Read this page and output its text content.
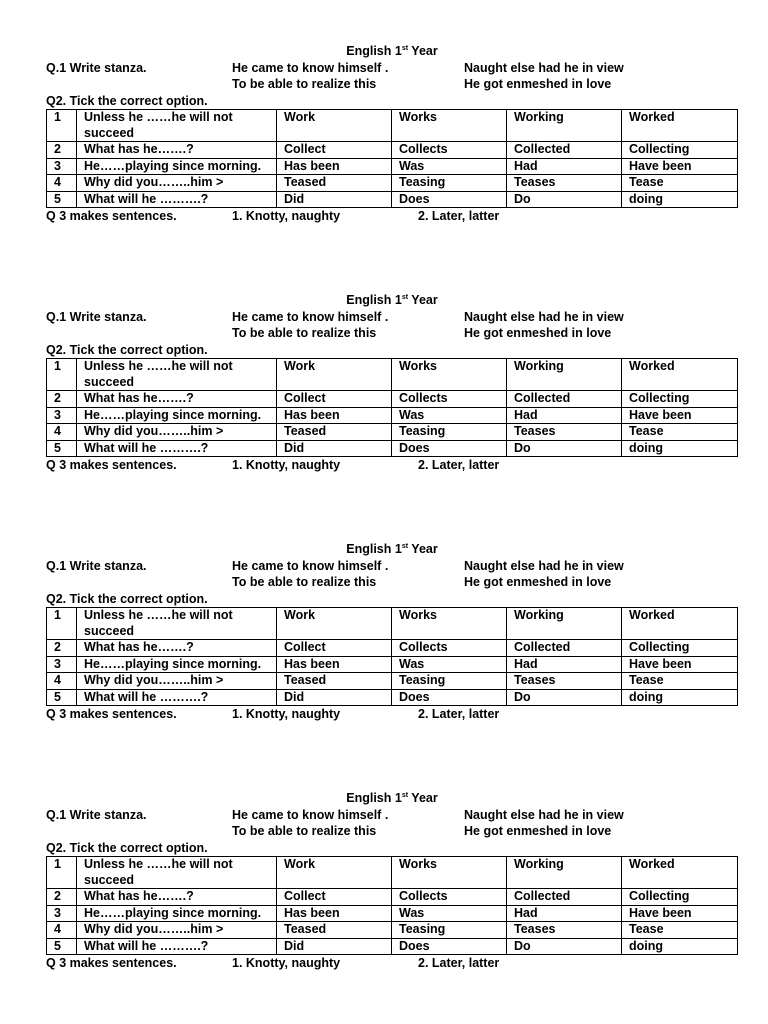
English 1st Year
Q.1 Write stanza.	He came to know himself .	Naught else had he in view
To be able to realize this	He got enmeshed in love
Q2. Tick the correct option.
1	Unless he ……he will not succeed	Work	Works	Working	Worked
2	What has he…….?	Collect	Collects	Collected	Collecting
3	He……playing since morning.	Has been	Was	Had	Have been
4	Why did you……..him >	Teased	Teasing	Teases	Tease
5	What will he ……….?	Did	Does	Do	doing
Q 3 makes sentences.	1. Knotty, naughty	2. Later, latter
English 1st Year
Q.1 Write stanza.	He came to know himself .	Naught else had he in view
To be able to realize this	He got enmeshed in love
Q2. Tick the correct option.
1	Unless he ……he will not succeed	Work	Works	Working	Worked
2	What has he…….?	Collect	Collects	Collected	Collecting
3	He……playing since morning.	Has been	Was	Had	Have been
4	Why did you……..him >	Teased	Teasing	Teases	Tease
5	What will he ……….?	Did	Does	Do	doing
Q 3 makes sentences.	1. Knotty, naughty	2. Later, latter
English 1st Year
Q.1 Write stanza.	He came to know himself .	Naught else had he in view
To be able to realize this	He got enmeshed in love
Q2. Tick the correct option.
1	Unless he ……he will not succeed	Work	Works	Working	Worked
2	What has he…….?	Collect	Collects	Collected	Collecting
3	He……playing since morning.	Has been	Was	Had	Have been
4	Why did you……..him >	Teased	Teasing	Teases	Tease
5	What will he ……….?	Did	Does	Do	doing
Q 3 makes sentences.	1. Knotty, naughty	2. Later, latter
English 1st Year
Q.1 Write stanza.	He came to know himself .	Naught else had he in view
To be able to realize this	He got enmeshed in love
Q2. Tick the correct option.
1	Unless he ……he will not succeed	Work	Works	Working	Worked
2	What has he…….?	Collect	Collects	Collected	Collecting
3	He……playing since morning.	Has been	Was	Had	Have been
4	Why did you……..him >	Teased	Teasing	Teases	Tease
5	What will he ……….?	Did	Does	Do	doing
Q 3 makes sentences.	1. Knotty, naughty	2. Later, latter
